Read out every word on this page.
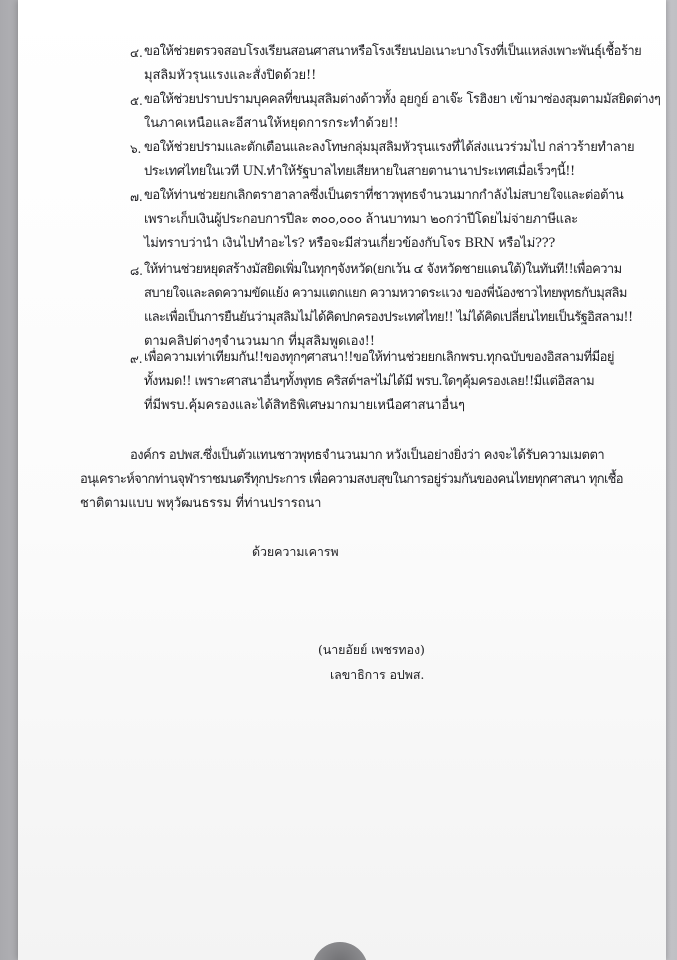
๔. ขอให้ช่วยตรวจสอบโรงเรียนสอนศาสนาหรือโรงเรียนปอเนาะบางโรงที่เป็นแหล่งเพาะพันธุ์เชื้อร้าย
มุสลิมหัวรุนแรงและสั่งปิดด้วย!!
๕. ขอให้ช่วยปราบปรามบุคคลที่ขนมุสลิมต่างด้าวทั้ง อุยกูย์ อาเจ๊ะ โรฮิงยา เข้ามาซ่องสุมตามมัสยิดต่างๆ
ในภาคเหนือและอีสานให้หยุดการกระทำด้วย!!
๖. ขอให้ช่วยปรามและตักเตือนและลงโทษกลุ่มมุสลิมหัวรุนแรงที่ได้ส่งแนวร่วมไป กล่าวร้ายทำลาย
ประเทศไทยในเวที UN.ทำให้รัฐบาลไทยเสียหายในสายตานานาประเทศเมื่อเร็วๆนี้!!
๗. ขอให้ท่านช่วยยกเลิกตราฮาลาลซึ่งเป็นตราที่ชาวพุทธจำนวนมากกำลังไม่สบายใจและต่อต้าน
เพราะเก็บเงินผู้ประกอบการปีละ ๓๐๐,๐๐๐ ล้านบาทมา ๒๐กว่าปีโดยไม่จ่ายภาษีและ
ไม่ทราบว่านำ เงินไปทำอะไร? หรือจะมีส่วนเกี่ยวข้องกับโจร BRN หรือไม่???
๘. ให้ท่านช่วยหยุดสร้างมัสยิดเพิ่มในทุกๆจังหวัด(ยกเว้น ๔ จังหวัดชายแดนใต้)ในทันที!!เพื่อความ
สบายใจและลดความขัดแย้ง ความแตกแยก ความหวาดระแวง ของพี่น้องชาวไทยพุทธกับมุสลิม
และเพื่อเป็นการยืนยันว่ามุสลิมไม่ได้คิดปกครองประเทศไทย!! ไม่ได้คิดเปลี่ยนไทยเป็นรัฐอิสลาม!!
ตามคลิปต่างๆจำนวนมาก ที่มุสลิมพูดเอง!!
๙. เพื่อความเท่าเทียมกัน!!ของทุกๆศาสนา!!ขอให้ท่านช่วยยกเลิกพรบ.ทุกฉบับของอิสลามที่มีอยู่
ทั้งหมด!! เพราะศาสนาอื่นๆทั้งพุทธ คริสต์ฯลฯไม่ได้มี พรบ.ใดๆคุ้มครองเลย!!มีแต่อิสลาม
ที่มีพรบ.คุ้มครองและได้สิทธิพิเศษมากมายเหนือศาสนาอื่นๆ
องค์กร อปพส.ซึ่งเป็นตัวแทนชาวพุทธจำนวนมาก หวังเป็นอย่างยิ่งว่า คงจะได้รับความเมตตา
อนุเคราะห์จากท่านจุฬาราชมนตรีทุกประการ เพื่อความสงบสุขในการอยู่ร่วมกันของคนไทยทุกศาสนา ทุกเชื้อ
ชาติตามแบบ พหุวัฒนธรรม ที่ท่านปรารถนา
ด้วยความเคารพ
(นายอัยย์ เพชรทอง)
เลขาธิการ อปพส.
